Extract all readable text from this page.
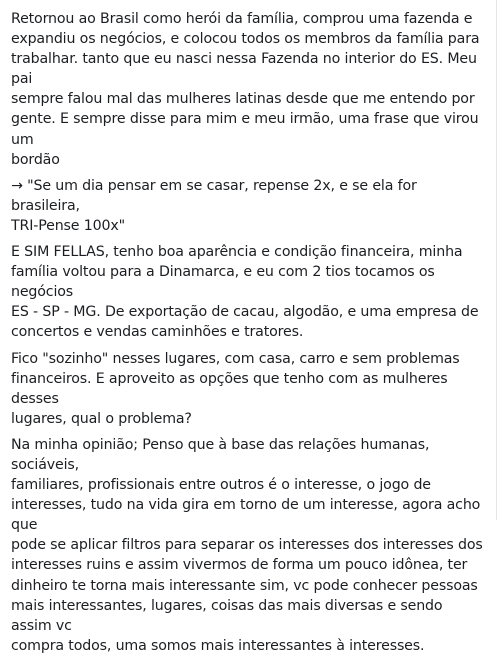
Retornou ao Brasil como herói da família, comprou uma fazenda e
expandiu os negócios, e colocou todos os membros da família para
trabalhar. tanto que eu nasci nessa Fazenda no interior do ES. Meu pai
sempre falou mal das mulheres latinas desde que me entendo por
gente. E sempre disse para mim e meu irmão, uma frase que virou um
bordão

→ "Se um dia pensar em se casar, repense 2x, e se ela for brasileira,
TRI-Pense 100x"

E SIM FELLAS, tenho boa aparência e condição financeira, minha
família voltou para a Dinamarca, e eu com 2 tios tocamos os negócios
ES - SP - MG. De exportação de cacau, algodão, e uma empresa de
concertos e vendas caminhões e tratores.

Fico "sozinho" nesses lugares, com casa, carro e sem problemas
financeiros. E aproveito as opções que tenho com as mulheres desses
lugares, qual o problema?

Na minha opinião; Penso que à base das relações humanas, sociáveis,
familiares, profissionais entre outros é o interesse, o jogo de
interesses, tudo na vida gira em torno de um interesse, agora acho que
pode se aplicar filtros para separar os interesses dos interesses dos
interesses ruins e assim vivermos de forma um pouco idônea, ter
dinheiro te torna mais interessante sim, vc pode conhecer pessoas
mais interessantes, lugares, coisas das mais diversas e sendo assim vc
compra todos, uma somos mais interessantes à interesses.
